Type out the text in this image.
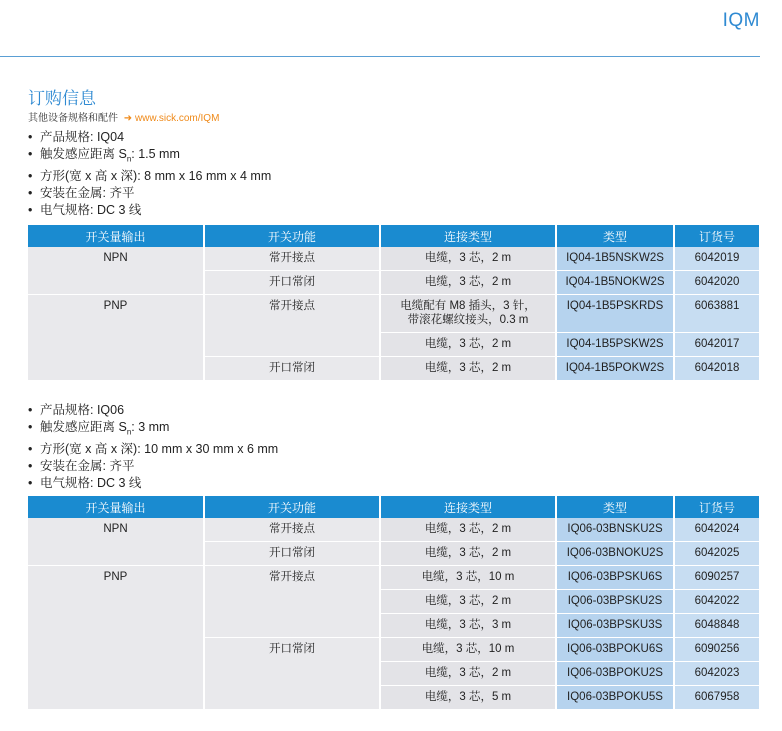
IQM
订购信息
其他设备规格和配件 ➜ www.sick.com/IQM
• 产品规格: IQ04
• 触发感应距离 $S_n$: 1.5 mm
• 方形(宽 x 高 x 深): 8 mm x 16 mm x 4 mm
• 安装在金属: 齐平
• 电气规格: DC 3 线
开关量输出	开关功能	连接类型	类型	订货号
NPN	常开接点	电缆，3 芯，2 m	IQ04-1B5NSKW2S	6042019
	开口常闭	电缆，3 芯，2 m	IQ04-1B5NOKW2S	6042020
PNP	常开接点	电缆配有 M8 插头，3 针，
带滚花螺纹接头，0.3 m	IQ04-1B5PSKRDS	6063881
		电缆，3 芯，2 m	IQ04-1B5PSKW2S	6042017
	开口常闭	电缆，3 芯，2 m	IQ04-1B5POKW2S	6042018
• 产品规格: IQ06
• 触发感应距离 $S_n$: 3 mm
• 方形(宽 x 高 x 深): 10 mm x 30 mm x 6 mm
• 安装在金属: 齐平
• 电气规格: DC 3 线
开关量输出	开关功能	连接类型	类型	订货号
NPN	常开接点	电缆，3 芯，2 m	IQ06-03BNSKU2S	6042024
	开口常闭	电缆，3 芯，2 m	IQ06-03BNOKU2S	6042025
PNP	常开接点	电缆，3 芯，10 m	IQ06-03BPSKU6S	6090257
		电缆，3 芯，2 m	IQ06-03BPSKU2S	6042022
		电缆，3 芯，3 m	IQ06-03BPSKU3S	6048848
	开口常闭	电缆，3 芯，10 m	IQ06-03BPOKU6S	6090256
		电缆，3 芯，2 m	IQ06-03BPOKU2S	6042023
		电缆，3 芯，5 m	IQ06-03BPOKU5S	6067958
